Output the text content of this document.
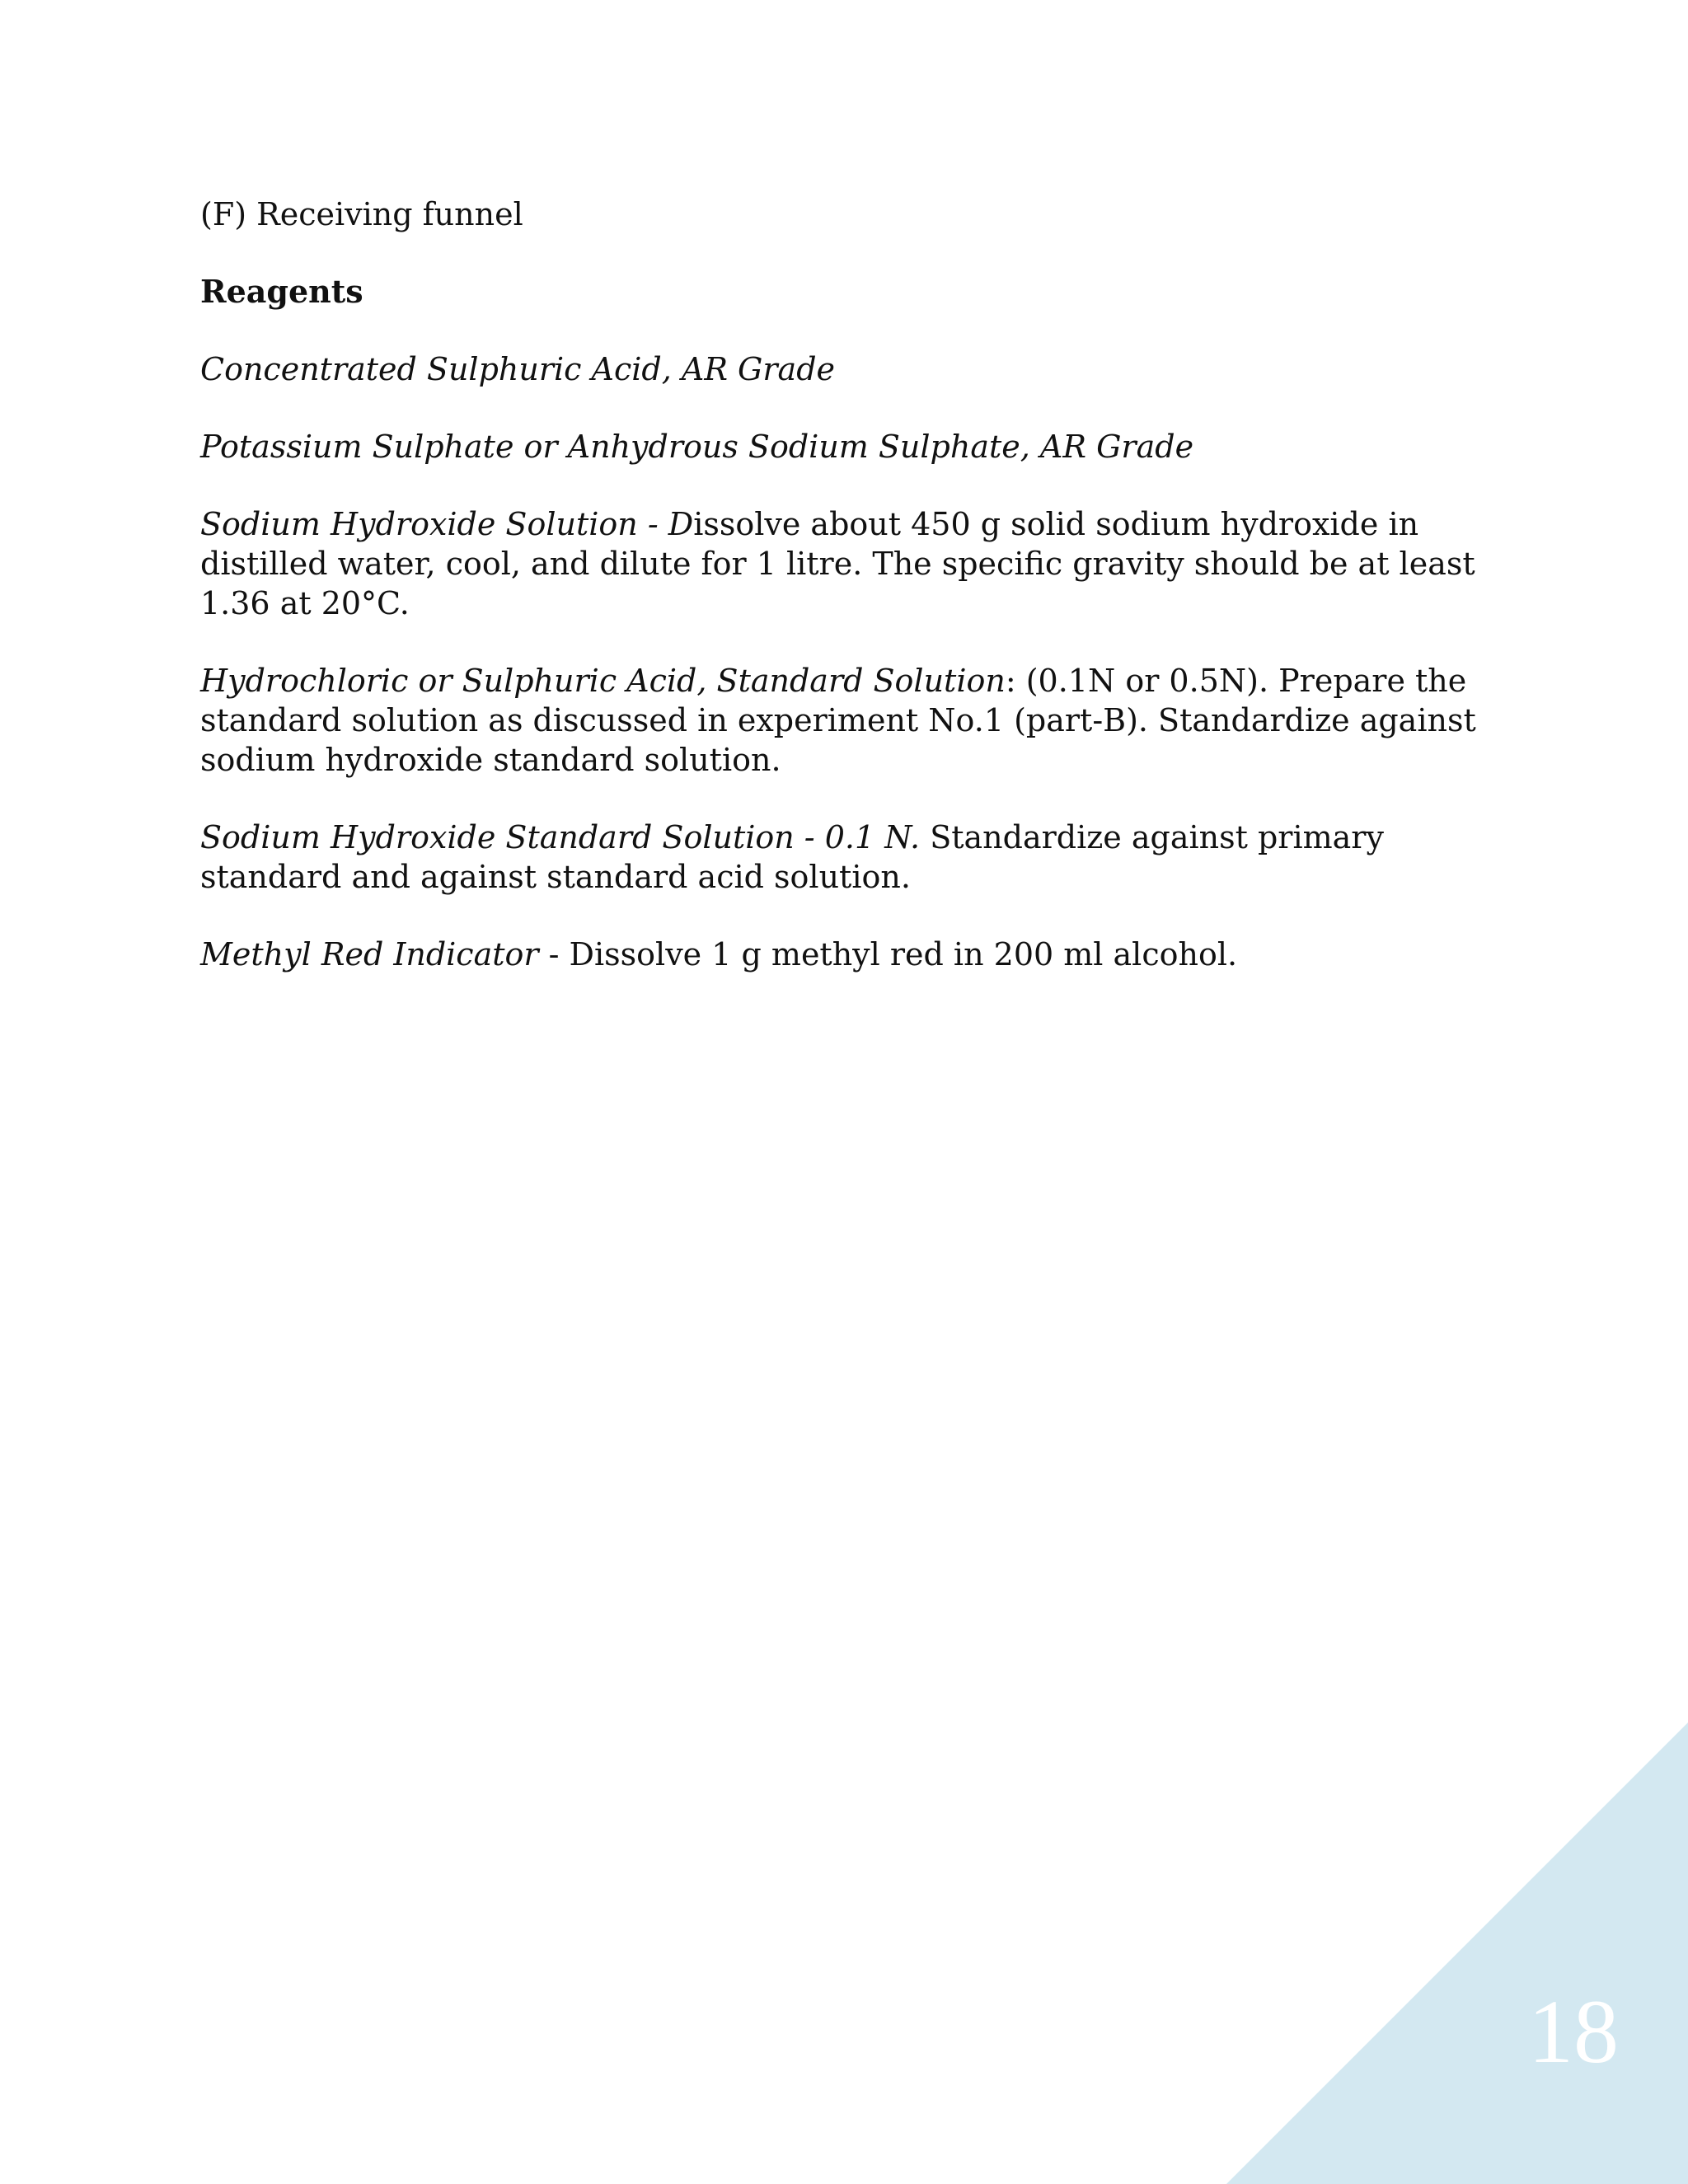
(F) Receiving funnel

Reagents

Concentrated Sulphuric Acid, AR Grade

Potassium Sulphate or Anhydrous Sodium Sulphate, AR Grade

Sodium Hydroxide Solution - Dissolve about 450 g solid sodium hydroxide in distilled water, cool, and dilute for 1 litre. The specific gravity should be at least 1.36 at 20°C.

Hydrochloric or Sulphuric Acid, Standard Solution: (0.1N or 0.5N). Prepare the standard solution as discussed in experiment No.1 (part-B). Standardize against sodium hydroxide standard solution.

Sodium Hydroxide Standard Solution - 0.1 N. Standardize against primary standard and against standard acid solution.

Methyl Red Indicator - Dissolve 1 g methyl red in 200 ml alcohol.

18
